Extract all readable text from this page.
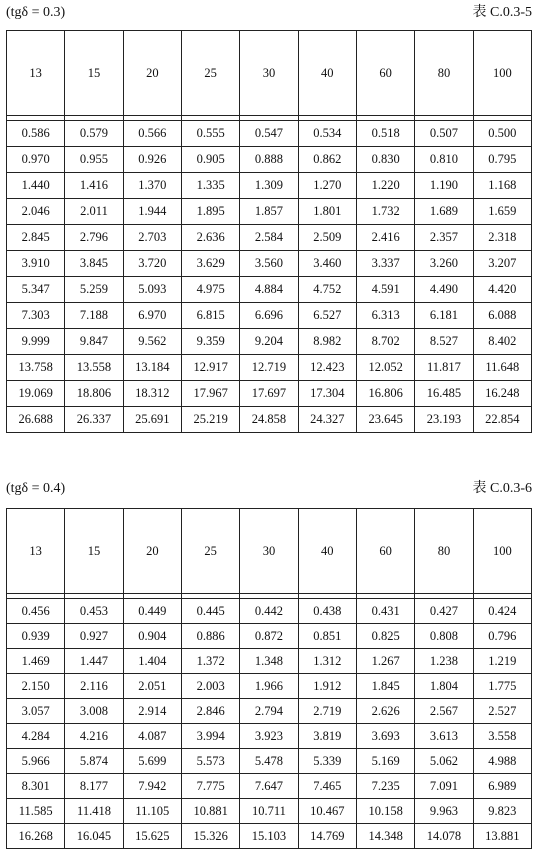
(tgδ = 0.3)	表 C.0.3-5
13	15	20	25	30	40	60	80	100

0.586	0.579	0.566	0.555	0.547	0.534	0.518	0.507	0.500
0.970	0.955	0.926	0.905	0.888	0.862	0.830	0.810	0.795
1.440	1.416	1.370	1.335	1.309	1.270	1.220	1.190	1.168
2.046	2.011	1.944	1.895	1.857	1.801	1.732	1.689	1.659
2.845	2.796	2.703	2.636	2.584	2.509	2.416	2.357	2.318
3.910	3.845	3.720	3.629	3.560	3.460	3.337	3.260	3.207
5.347	5.259	5.093	4.975	4.884	4.752	4.591	4.490	4.420
7.303	7.188	6.970	6.815	6.696	6.527	6.313	6.181	6.088
9.999	9.847	9.562	9.359	9.204	8.982	8.702	8.527	8.402
13.758	13.558	13.184	12.917	12.719	12.423	12.052	11.817	11.648
19.069	18.806	18.312	17.967	17.697	17.304	16.806	16.485	16.248
26.688	26.337	25.691	25.219	24.858	24.327	23.645	23.193	22.854
(tgδ = 0.4)	表 C.0.3-6
13	15	20	25	30	40	60	80	100

0.456	0.453	0.449	0.445	0.442	0.438	0.431	0.427	0.424
0.939	0.927	0.904	0.886	0.872	0.851	0.825	0.808	0.796
1.469	1.447	1.404	1.372	1.348	1.312	1.267	1.238	1.219
2.150	2.116	2.051	2.003	1.966	1.912	1.845	1.804	1.775
3.057	3.008	2.914	2.846	2.794	2.719	2.626	2.567	2.527
4.284	4.216	4.087	3.994	3.923	3.819	3.693	3.613	3.558
5.966	5.874	5.699	5.573	5.478	5.339	5.169	5.062	4.988
8.301	8.177	7.942	7.775	7.647	7.465	7.235	7.091	6.989
11.585	11.418	11.105	10.881	10.711	10.467	10.158	9.963	9.823
16.268	16.045	15.625	15.326	15.103	14.769	14.348	14.078	13.881
